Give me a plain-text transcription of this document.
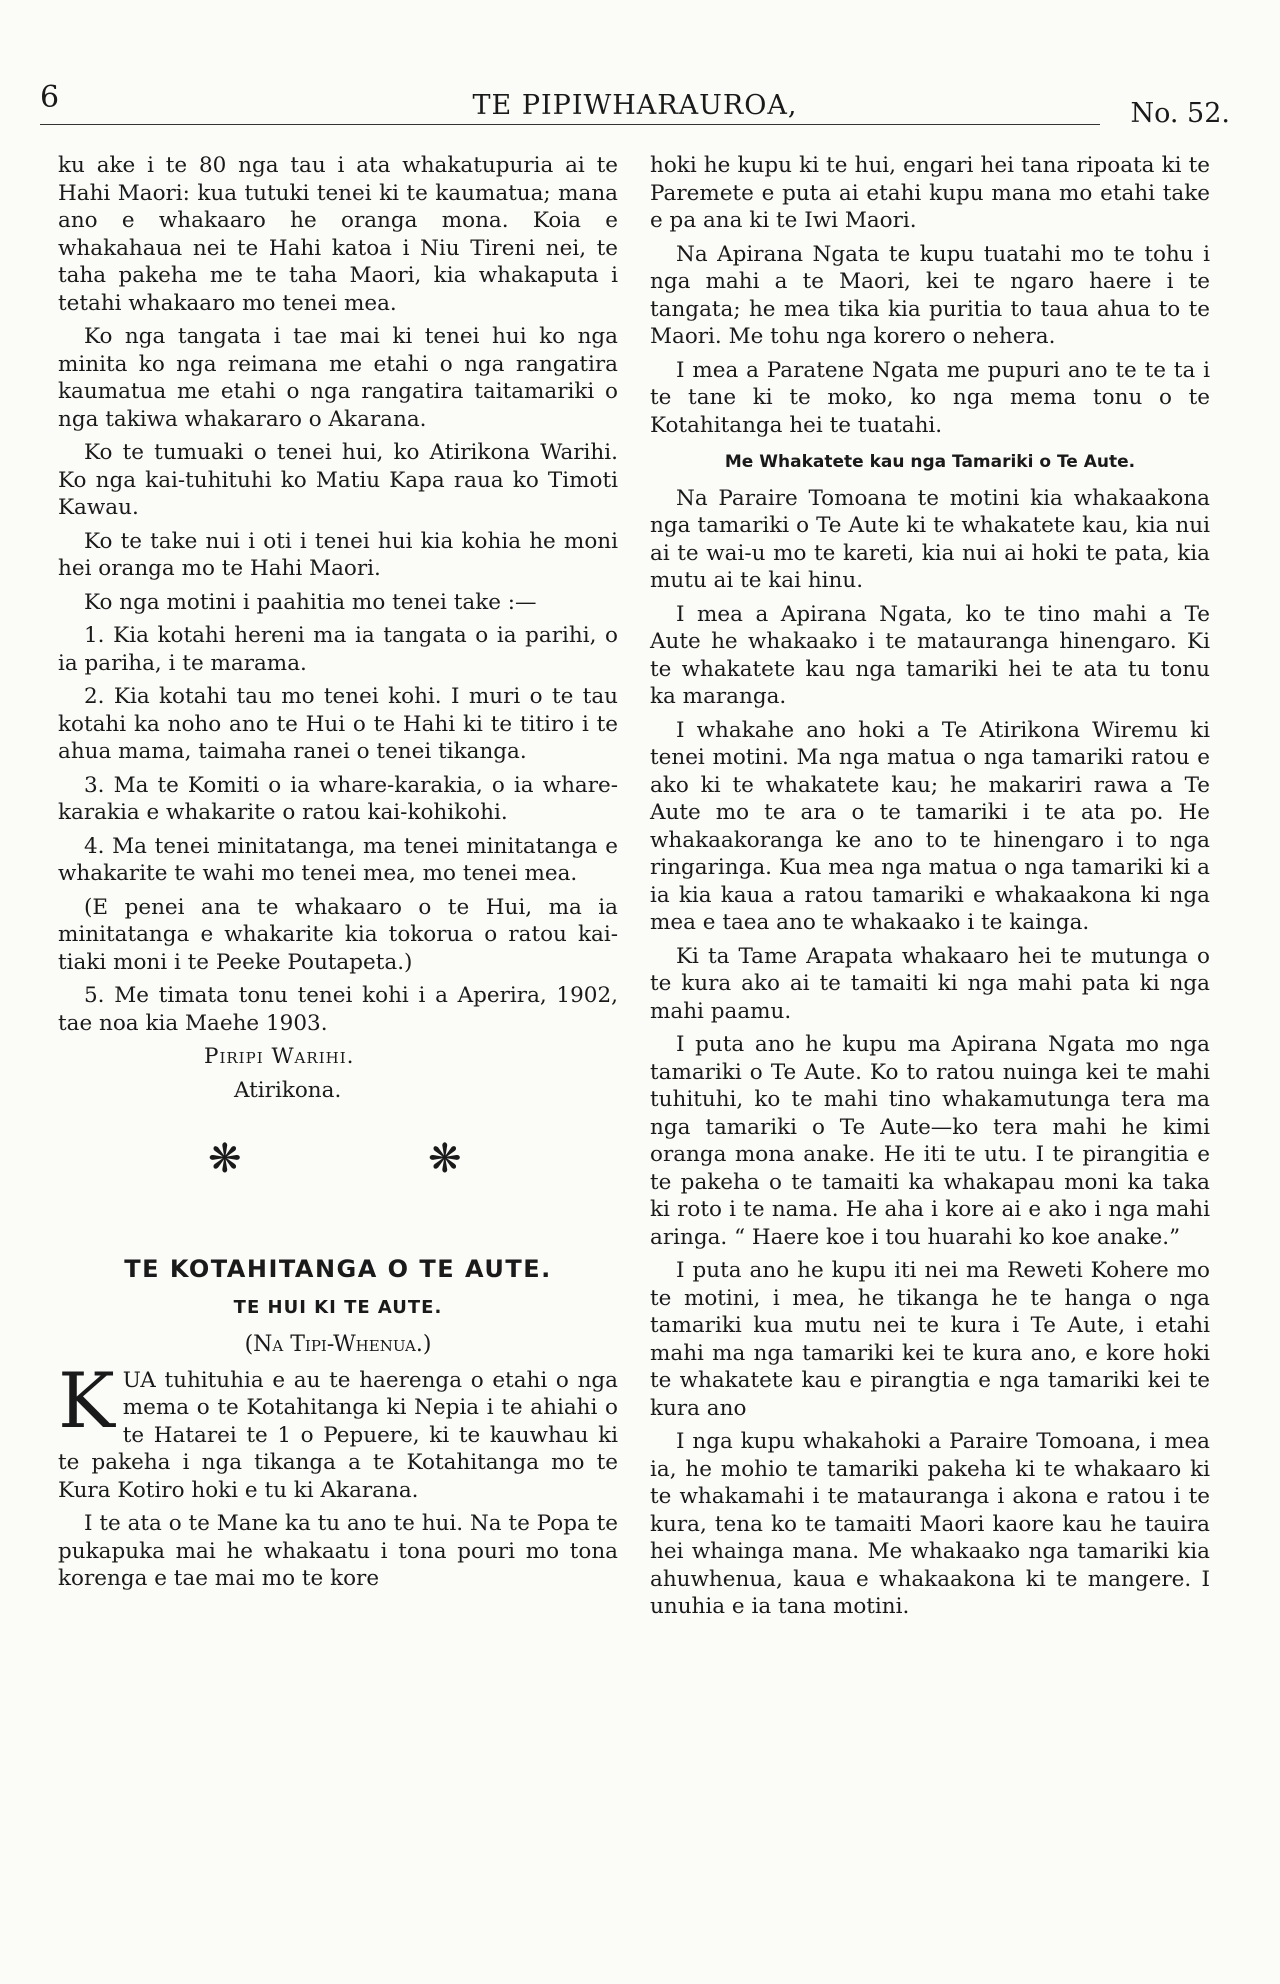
6	TE PIPIWHARAUROA,	No. 52.

ku ake i te 80 nga tau i ata whakatupuria ai te Hahi Maori: kua tutuki tenei ki te kaumatua; mana ano e whakaaro he oranga mona. Koia e whakahaua nei te Hahi katoa i Niu Tireni nei, te taha pakeha me te taha Maori, kia whakaputa i tetahi whakaaro mo tenei mea.

Ko nga tangata i tae mai ki tenei hui ko nga minita ko nga reimana me etahi o nga rangatira kaumatua me etahi o nga rangatira taitamariki o nga takiwa whakararo o Akarana.

Ko te tumuaki o tenei hui, ko Atirikona Warihi. Ko nga kai-tuhituhi ko Matiu Kapa raua ko Timoti Kawau.

Ko te take nui i oti i tenei hui kia kohia he moni hei oranga mo te Hahi Maori.

Ko nga motini i paahitia mo tenei take :—

1. Kia kotahi hereni ma ia tangata o ia parihi, o ia pariha, i te marama.

2. Kia kotahi tau mo tenei kohi. I muri o te tau kotahi ka noho ano te Hui o te Hahi ki te titiro i te ahua mama, taimaha ranei o tenei tikanga.

3. Ma te Komiti o ia whare-karakia, o ia whare-karakia e whakarite o ratou kai-kohikohi.

4. Ma tenei minitatanga, ma tenei minitatanga e whakarite te wahi mo tenei mea, mo tenei mea.

(E penei ana te whakaaro o te Hui, ma ia minitatanga e whakarite kia tokorua o ratou kai-tiaki moni i te Peeke Poutapeta.)

5. Me timata tonu tenei kohi i a Aperira, 1902, tae noa kia Maehe 1903.

Piripi Warihi.

Atirikona.

❋	❋
TE KOTAHITANGA O TE AUTE.
TE HUI KI TE AUTE.
(Na Tipi-Whenua.)

KUA tuhituhia e au te haerenga o etahi o nga mema o te Kotahitanga ki Nepia i te ahiahi o te Hatarei te 1 o Pepuere, ki te kauwhau ki te pakeha i nga tikanga a te Kotahitanga mo te Kura Kotiro hoki e tu ki Akarana.

I te ata o te Mane ka tu ano te hui. Na te Popa te pukapuka mai he whakaatu i tona pouri mo tona korenga e tae mai mo te kore

hoki he kupu ki te hui, engari hei tana ripoata ki te Paremete e puta ai etahi kupu mana mo etahi take e pa ana ki te Iwi Maori.

Na Apirana Ngata te kupu tuatahi mo te tohu i nga mahi a te Maori, kei te ngaro haere i te tangata; he mea tika kia puritia to taua ahua to te Maori. Me tohu nga korero o nehera.

I mea a Paratene Ngata me pupuri ano te te ta i te tane ki te moko, ko nga mema tonu o te Kotahitanga hei te tuatahi.

Me Whakatete kau nga Tamariki o Te Aute.

Na Paraire Tomoana te motini kia whakaakona nga tamariki o Te Aute ki te whakatete kau, kia nui ai te wai-u mo te kareti, kia nui ai hoki te pata, kia mutu ai te kai hinu.

I mea a Apirana Ngata, ko te tino mahi a Te Aute he whakaako i te matauranga hinengaro. Ki te whakatete kau nga tamariki hei te ata tu tonu ka maranga.

I whakahe ano hoki a Te Atirikona Wiremu ki tenei motini. Ma nga matua o nga tamariki ratou e ako ki te whakatete kau; he makariri rawa a Te Aute mo te ara o te tamariki i te ata po. He whakaakoranga ke ano to te hinengaro i to nga ringaringa. Kua mea nga matua o nga tamariki ki a ia kia kaua a ratou tamariki e whakaakona ki nga mea e taea ano te whakaako i te kainga.

Ki ta Tame Arapata whakaaro hei te mutunga o te kura ako ai te tamaiti ki nga mahi pata ki nga mahi paamu.

I puta ano he kupu ma Apirana Ngata mo nga tamariki o Te Aute. Ko to ratou nuinga kei te mahi tuhituhi, ko te mahi tino whakamutunga tera ma nga tamariki o Te Aute—ko tera mahi he kimi oranga mona anake. He iti te utu. I te pirangitia e te pakeha o te tamaiti ka whakapau moni ka taka ki roto i te nama. He aha i kore ai e ako i nga mahi aringa. “ Haere koe i tou huarahi ko koe anake.”

I puta ano he kupu iti nei ma Reweti Kohere mo te motini, i mea, he tikanga he te hanga o nga tamariki kua mutu nei te kura i Te Aute, i etahi mahi ma nga tamariki kei te kura ano, e kore hoki te whakatete kau e pirangtia e nga tamariki kei te kura ano

I nga kupu whakahoki a Paraire Tomoana, i mea ia, he mohio te tamariki pakeha ki te whakaaro ki te whakamahi i te matauranga i akona e ratou i te kura, tena ko te tamaiti Maori kaore kau he tauira hei whainga mana. Me whakaako nga tamariki kia ahuwhenua, kaua e whakaakona ki te mangere. I unuhia e ia tana motini.
